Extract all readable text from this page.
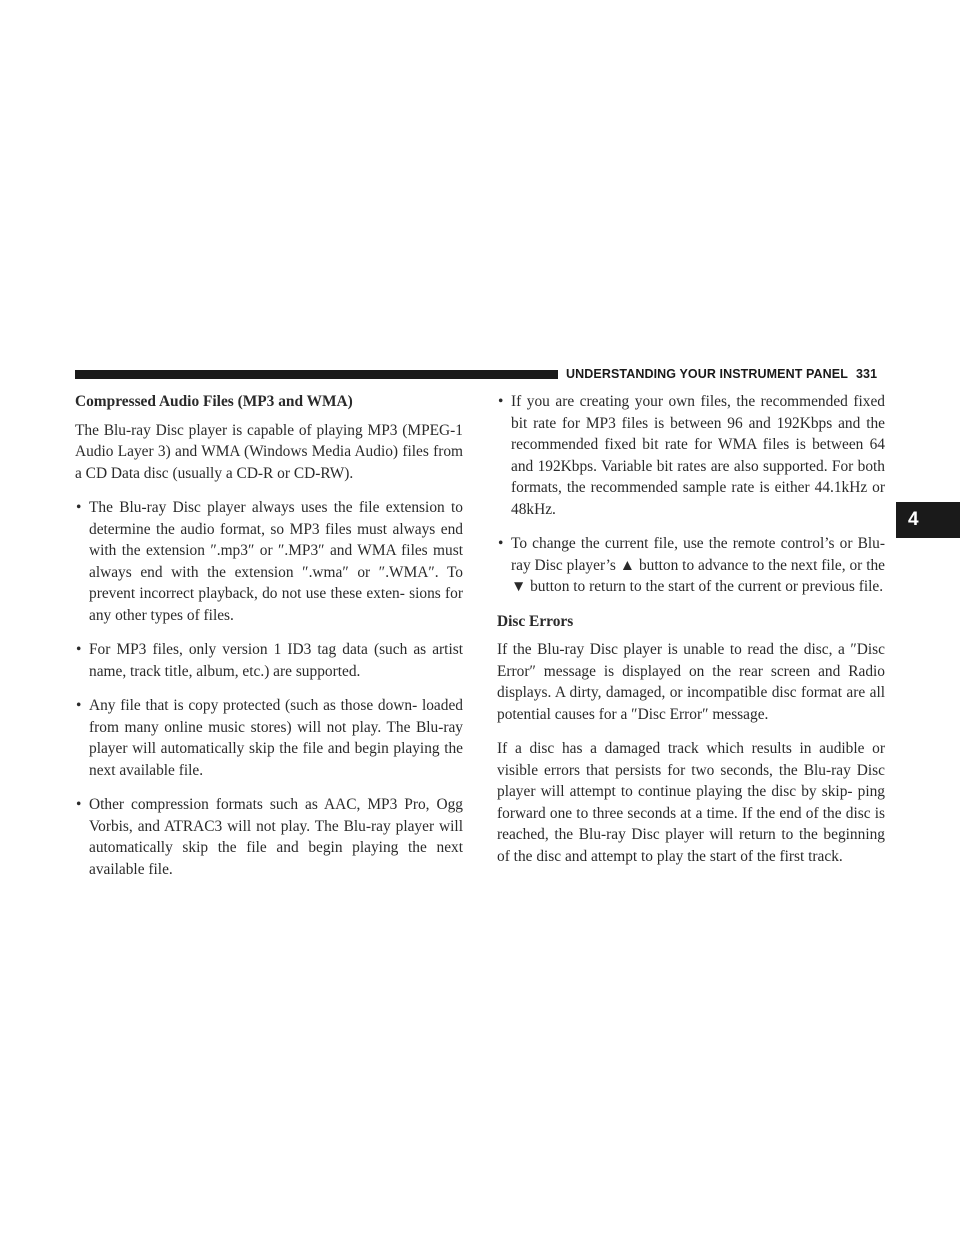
UNDERSTANDING YOUR INSTRUMENT PANEL 331
4
Compressed Audio Files (MP3 and WMA)

The Blu-ray Disc player is capable of playing MP3 (MPEG-1 Audio Layer 3) and WMA (Windows Media Audio) files from a CD Data disc (usually a CD-R or CD-RW).

• The Blu-ray Disc player always uses the file extension to determine the audio format, so MP3 files must always end with the extension ″.mp3″ or ″.MP3″ and WMA files must always end with the extension ″.wma″ or ″.WMA″. To prevent incorrect playback, do not use these exten- sions for any other types of files.
• For MP3 files, only version 1 ID3 tag data (such as artist name, track title, album, etc.) are supported.
• Any file that is copy protected (such as those down- loaded from many online music stores) will not play. The Blu-ray player will automatically skip the file and begin playing the next available file.
• Other compression formats such as AAC, MP3 Pro, Ogg Vorbis, and ATRAC3 will not play. The Blu-ray player will automatically skip the file and begin playing the next available file.
• If you are creating your own files, the recommended fixed bit rate for MP3 files is between 96 and 192Kbps and the recommended fixed bit rate for WMA files is between 64 and 192Kbps. Variable bit rates are also supported. For both formats, the recommended sample rate is either 44.1kHz or 48kHz.
• To change the current file, use the remote control’s or Blu-ray Disc player’s ▲ button to advance to the next file, or the ▼ button to return to the start of the current or previous file.
Disc Errors

If the Blu-ray Disc player is unable to read the disc, a ″Disc Error″ message is displayed on the rear screen and Radio displays. A dirty, damaged, or incompatible disc format are all potential causes for a ″Disc Error″ message.

If a disc has a damaged track which results in audible or visible errors that persists for two seconds, the Blu-ray Disc player will attempt to continue playing the disc by skip- ping forward one to three seconds at a time. If the end of the disc is reached, the Blu-ray Disc player will return to the beginning of the disc and attempt to play the start of the first track.
